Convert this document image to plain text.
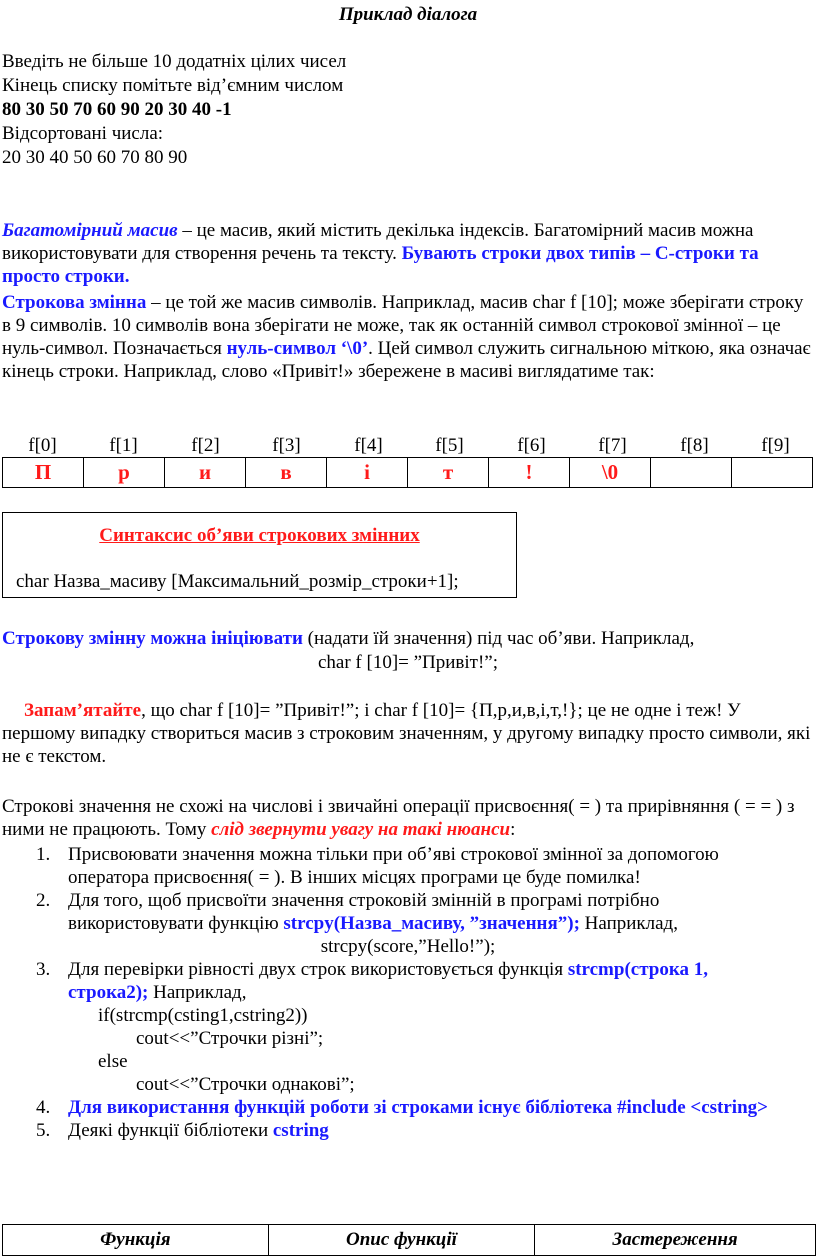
Приклад діалога
Введіть не більше 10 додатніх цілих чисел
Кінець списку помітьте від’ємним числом
80 30 50 70 60 90 20 30 40 -1
Відсортовані числа:
20 30 40 50 60 70 80 90
Багатомірний масив – це масив, який містить декілька індексів. Багатомірний масив можна використовувати для створення речень та тексту. Бувають строки двох типів – С-строки та просто строки.
Строкова змінна – це той же масив символів. Наприклад, масив char f [10]; може зберігати строку в 9 символів. 10 символів вона зберігати не може, так як останній символ строкової змінної – це нуль-символ. Позначається нуль-символ ‘\0’. Цей символ служить сигнальною міткою, яка означає кінець строки. Наприклад, слово «Привіт!» збережене в масиві виглядатиме так:
f[0]	f[1]	f[2]	f[3]	f[4]	f[5]	f[6]	f[7]	f[8]	f[9]
П	р	и	в	і	т	!	\0		
Синтаксис об’яви строкових змінних
char Назва_масиву [Максимальний_розмір_строки+1];
Строкову змінну можна ініціювати (надати їй значення) під час об’яви. Наприклад,
char f [10]= ”Привіт!”;
Запам’ятайте, що char f [10]= ”Привіт!”; і char f [10]= {П,р,и,в,і,т,!}; це не одне і теж! У першому випадку створиться масив з строковим значенням, у другому випадку просто символи, які не є текстом.
Строкові значення не схожі на числові і звичайні операції присвоєння( = ) та прирівняння ( = = ) з ними не працюють. Тому слід звернути увагу на такі нюанси:
1. Присвоювати значення можна тільки при об’яві строкової змінної за допомогою оператора присвоєння( = ). В інших місцях програми це буде помилка!
2. Для того, щоб присвоїти значення строковій змінній в програмі потрібно використовувати функцію strcpy(Назва_масиву, ”значення”); Наприклад,
strcpy(score,”Hello!”);
3. Для перевірки рівності двух строк використовується функція strcmp(строка 1, строка2); Наприклад,
if(strcmp(csting1,cstring2))
cout<<”Строчки різні”;
else
cout<<”Строчки однакові”;
4. Для використання функцій роботи зі строками існує бібліотека #include <cstring>
5. Деякі функції бібліотеки cstring
Функція	Опис функції	Застереження
